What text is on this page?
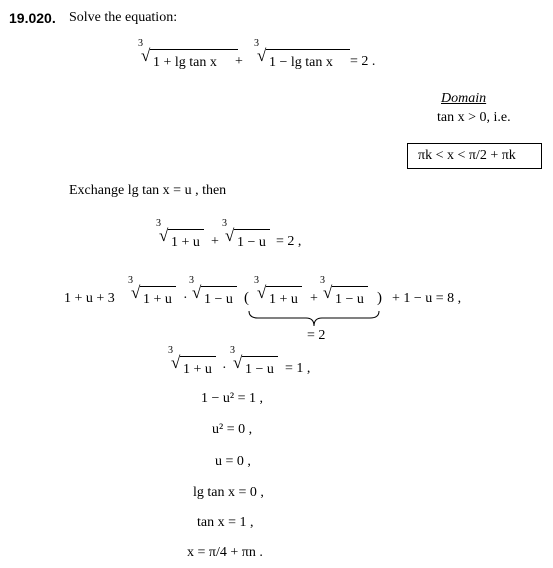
19.020. Solve the equation:
3
√ 1 + lg tan x +
3
√ 1 − lg tan x = 2 .
Domain
tan x > 0, i.e.
πk < x < π/2 + πk
Exchange lg tan x = u , then
3
√ 1 + u +
3
√ 1 − u = 2 ,
1 + u + 3
3
√ 1 + u ·
3
√ 1 − u (
3
√ 1 + u +
3
√ 1 − u ) + 1 − u = 8 ,
= 2
3
√ 1 + u ·
3
√ 1 − u = 1 ,
1 − u² = 1 ,
u² = 0 ,
u = 0 ,
lg tan x = 0 ,
tan x = 1 ,
x = π/4 + πn .
